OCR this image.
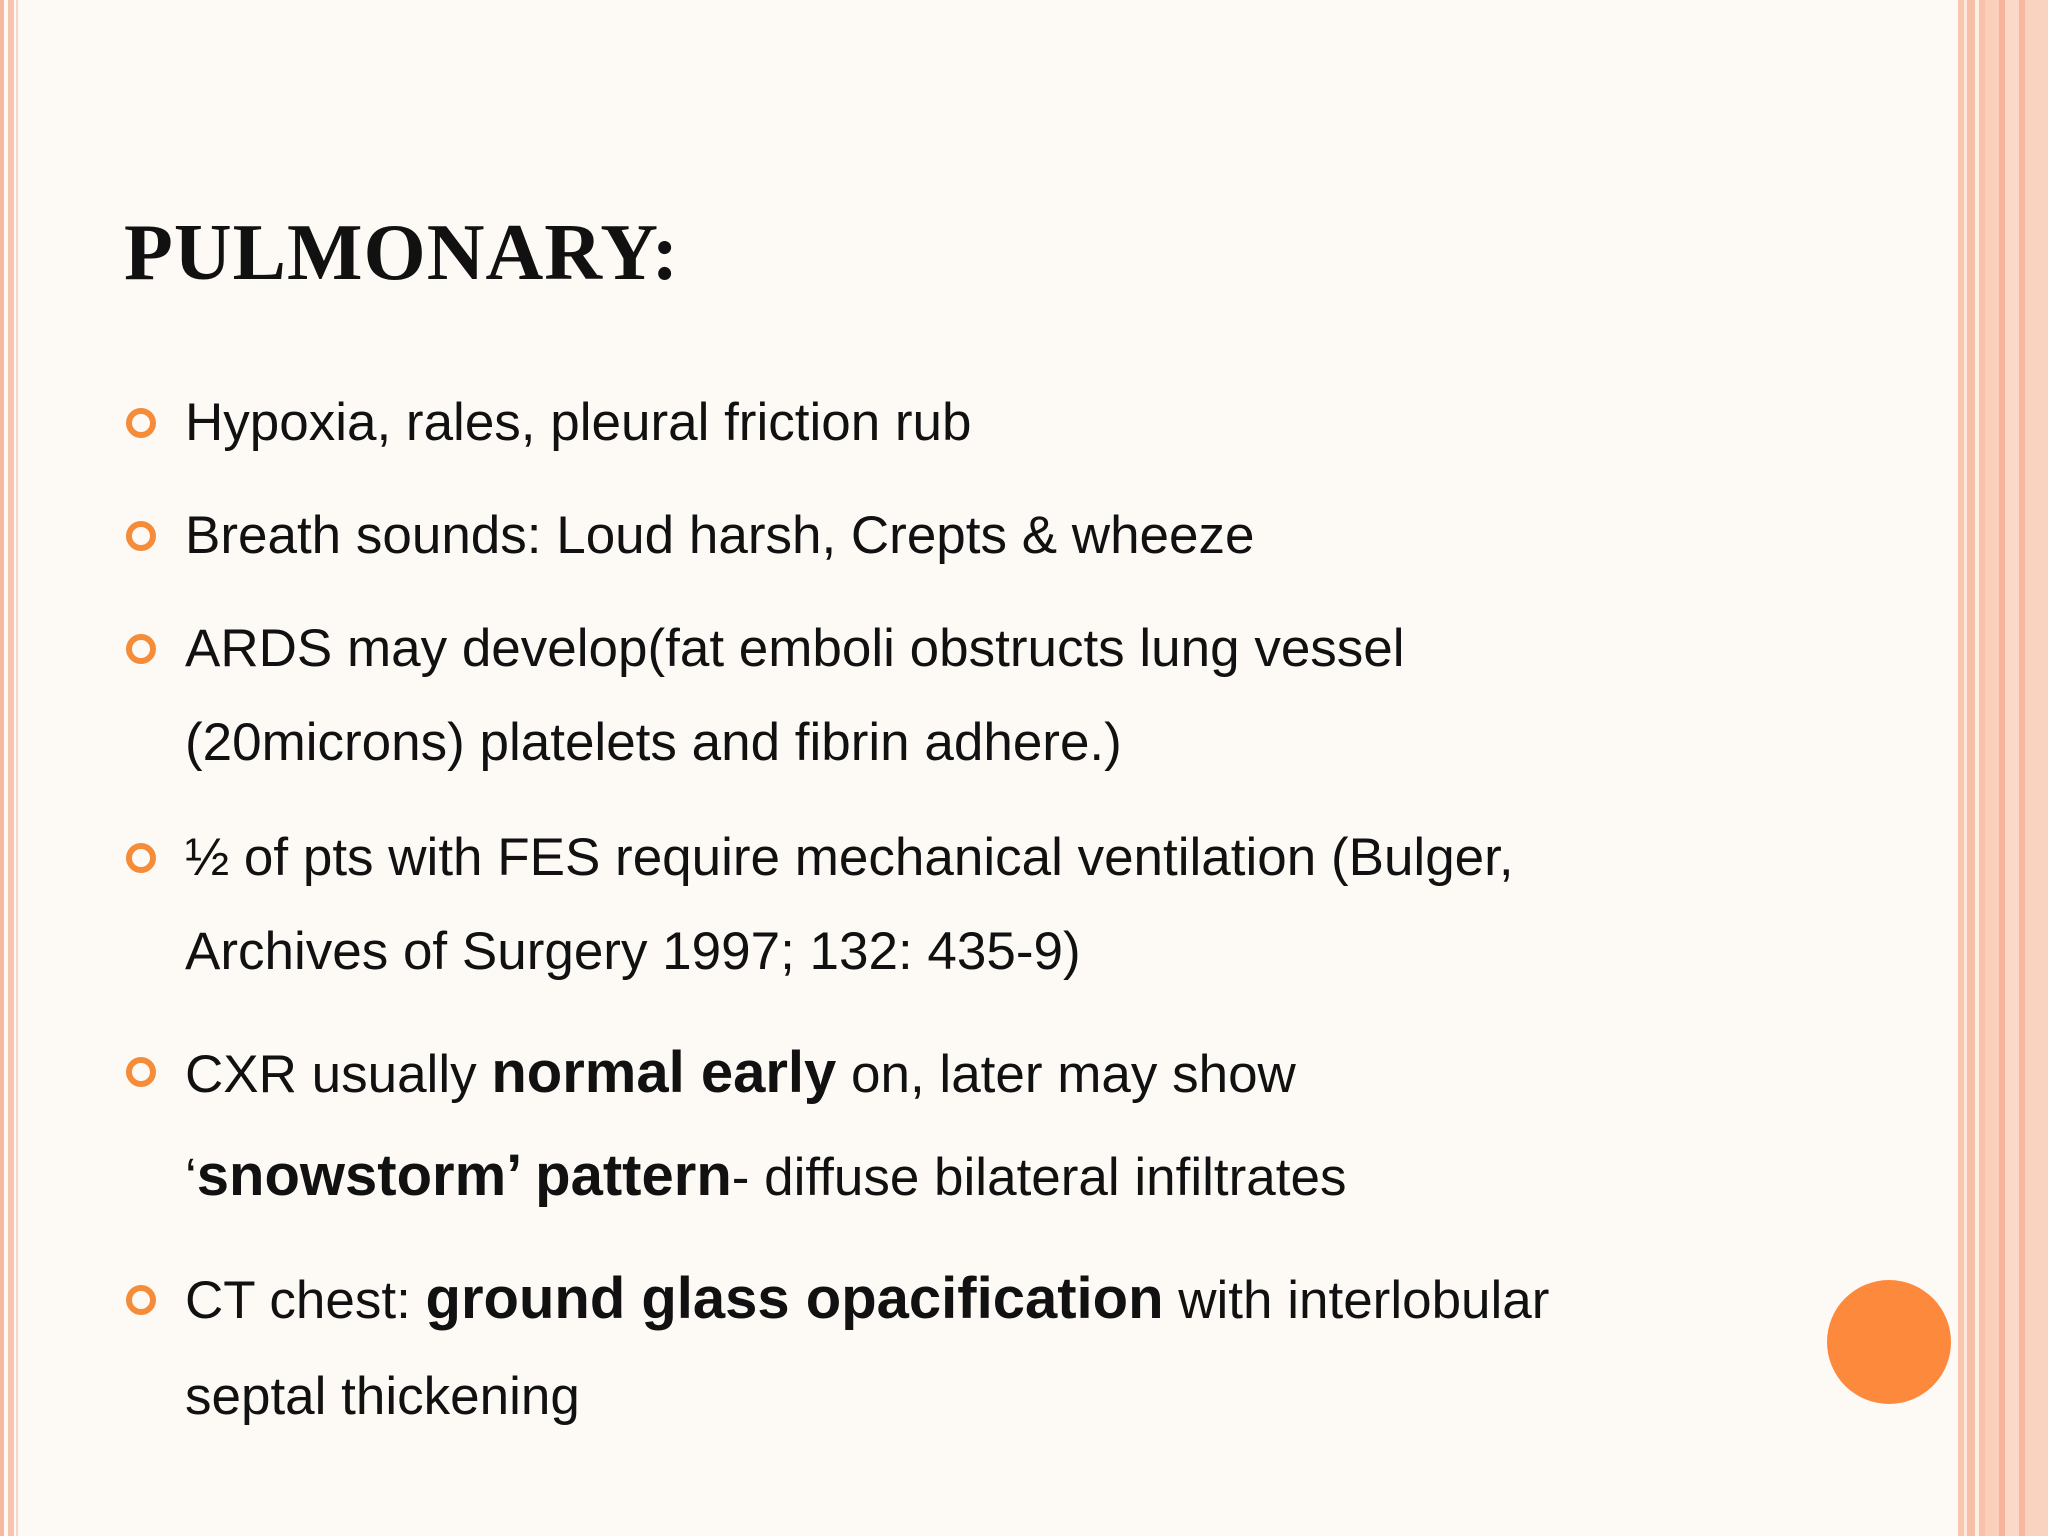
PULMONARY:

Hypoxia, rales, pleural friction rub

Breath sounds: Loud harsh, Crepts & wheeze

ARDS may develop(fat emboli obstructs lung vessel

(20microns) platelets and fibrin adhere.)

½ of pts with FES require mechanical ventilation (Bulger,

Archives of Surgery 1997; 132: 435-9)

CXR usually normal early on, later may show

‘snowstorm’ pattern- diffuse bilateral infiltrates

CT chest: ground glass opacification with interlobular

septal thickening
